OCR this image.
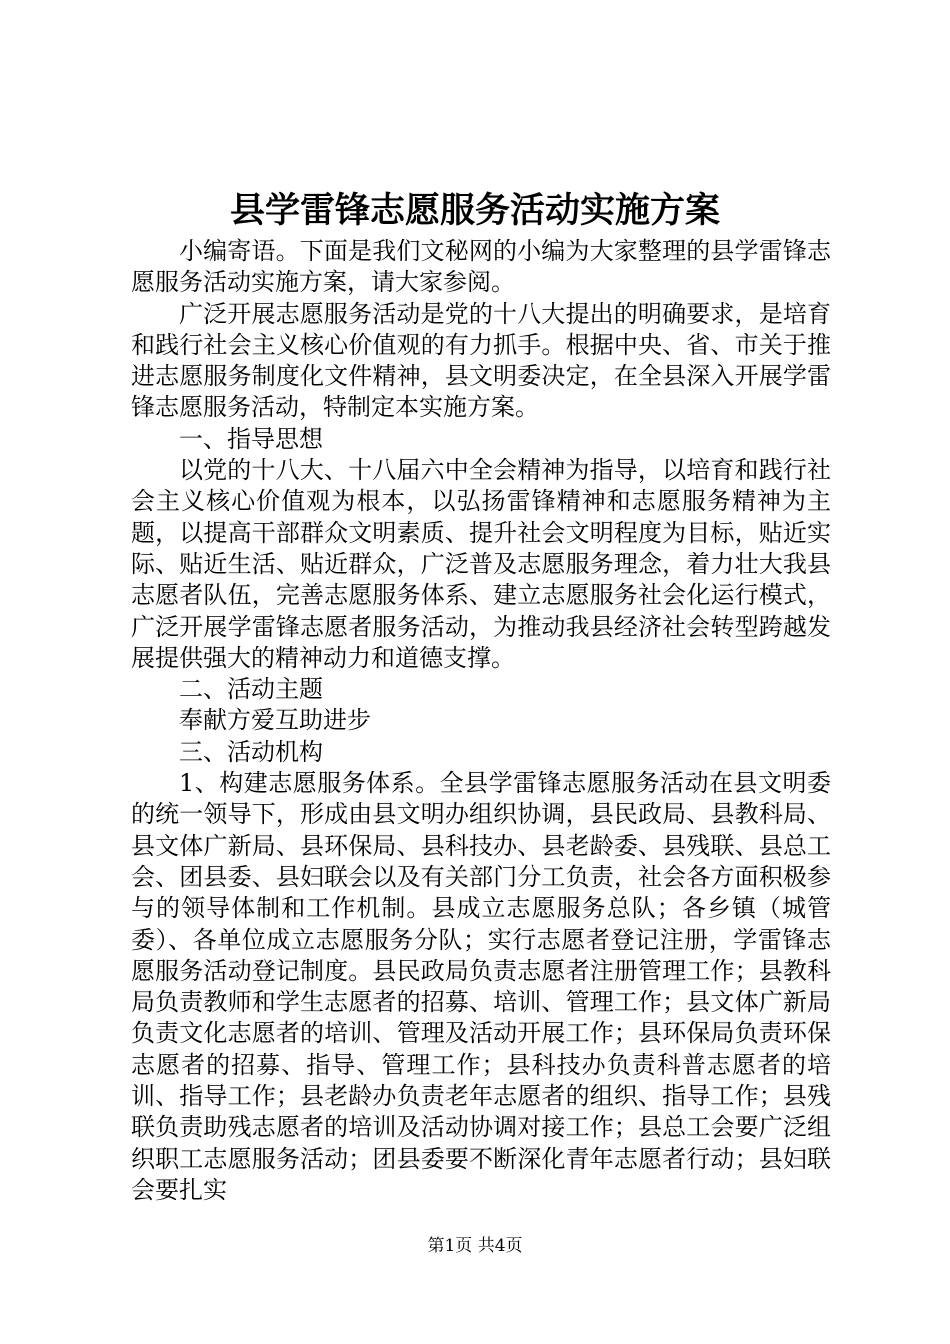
县学雷锋志愿服务活动实施方案

小编寄语。下面是我们文秘网的小编为大家整理的县学雷锋志愿服务活动实施方案，请大家参阅。

广泛开展志愿服务活动是党的十八大提出的明确要求，是培育和践行社会主义核心价值观的有力抓手。根据中央、省、市关于推进志愿服务制度化文件精神，县文明委决定，在全县深入开展学雷锋志愿服务活动，特制定本实施方案。

一、指导思想

以党的十八大、十八届六中全会精神为指导，以培育和践行社会主义核心价值观为根本，以弘扬雷锋精神和志愿服务精神为主题，以提高干部群众文明素质、提升社会文明程度为目标，贴近实际、贴近生活、贴近群众，广泛普及志愿服务理念，着力壮大我县志愿者队伍，完善志愿服务体系、建立志愿服务社会化运行模式，广泛开展学雷锋志愿者服务活动，为推动我县经济社会转型跨越发展提供强大的精神动力和道德支撑。

二、活动主题

奉献方爱互助进步

三、活动机构

1、构建志愿服务体系。全县学雷锋志愿服务活动在县文明委的统一领导下，形成由县文明办组织协调，县民政局、县教科局、县文体广新局、县环保局、县科技办、县老龄委、县残联、县总工会、团县委、县妇联会以及有关部门分工负责，社会各方面积极参与的领导体制和工作机制。县成立志愿服务总队；各乡镇（城管委）、各单位成立志愿服务分队；实行志愿者登记注册，学雷锋志愿服务活动登记制度。县民政局负责志愿者注册管理工作；县教科局负责教师和学生志愿者的招募、培训、管理工作；县文体广新局负责文化志愿者的培训、管理及活动开展工作；县环保局负责环保志愿者的招募、指导、管理工作；县科技办负责科普志愿者的培训、指导工作；县老龄办负责老年志愿者的组织、指导工作；县残联负责助残志愿者的培训及活动协调对接工作；县总工会要广泛组织职工志愿服务活动；团县委要不断深化青年志愿者行动；县妇联会要扎实

第1页 共4页
